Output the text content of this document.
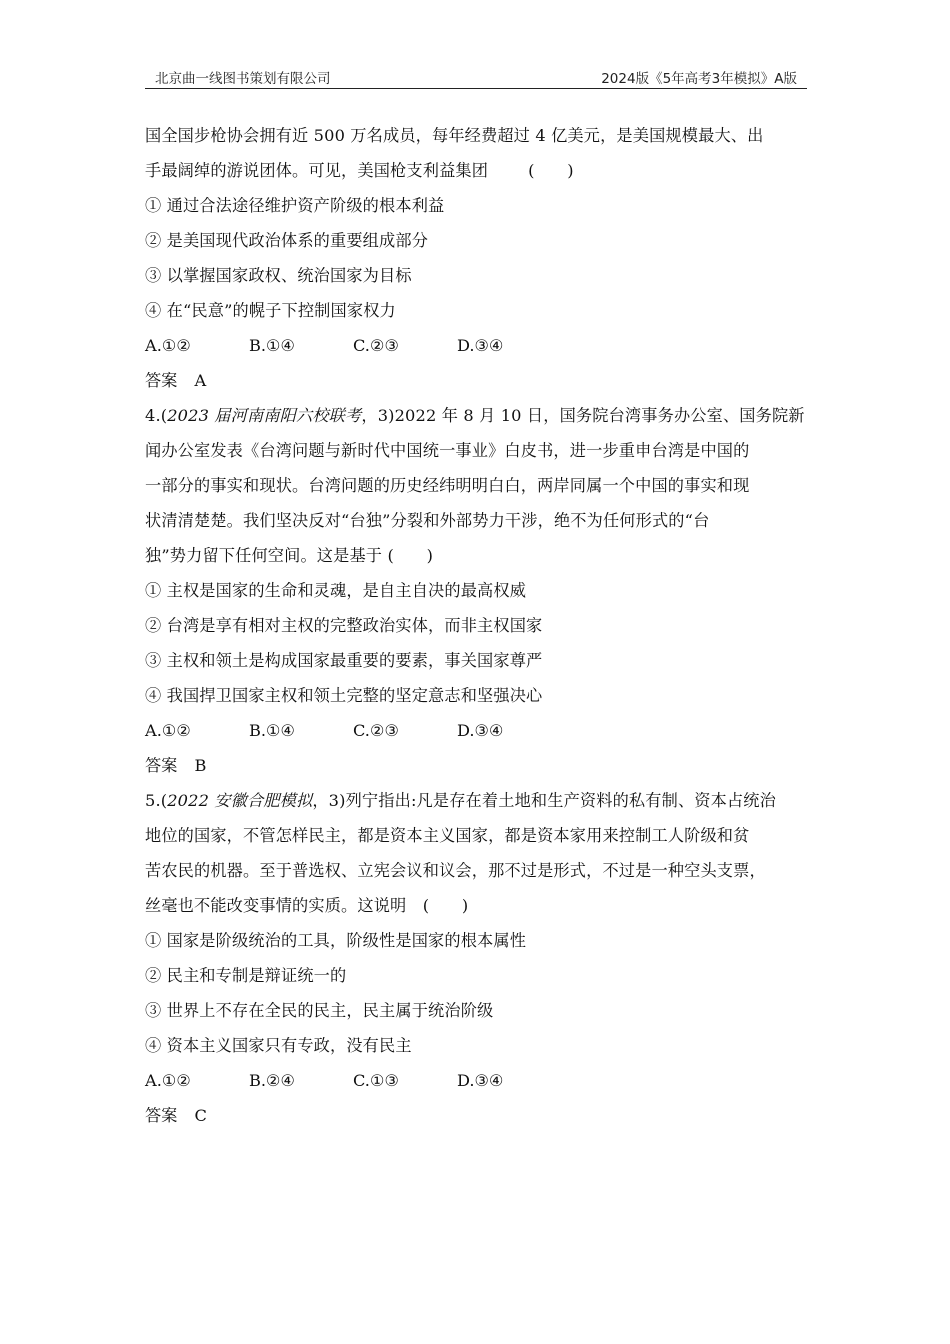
北京曲一线图书策划有限公司	2024版《5年高考3年模拟》A版
国全国步枪协会拥有近 500 万名成员，每年经费超过 4 亿美元，是美国规模最大、出
手最阔绰的游说团体。可见，美国枪支利益集团 (　　)
① 通过合法途径维护资产阶级的根本利益
② 是美国现代政治体系的重要组成部分
③ 以掌握国家政权、统治国家为目标
④ 在“民意”的幌子下控制国家权力
A.①②	B.①④	C.②③	D.③④
答案 A
4.(2023 届河南南阳六校联考，3)2022 年 8 月 10 日，国务院台湾事务办公室、国务院新
闻办公室发表《台湾问题与新时代中国统一事业》白皮书，进一步重申台湾是中国的
一部分的事实和现状。台湾问题的历史经纬明明白白，两岸同属一个中国的事实和现
状清清楚楚。我们坚决反对“台独”分裂和外部势力干涉，绝不为任何形式的“台
独”势力留下任何空间。这是基于 (　　)
① 主权是国家的生命和灵魂，是自主自决的最高权威
② 台湾是享有相对主权的完整政治实体，而非主权国家
③ 主权和领土是构成国家最重要的要素，事关国家尊严
④ 我国捍卫国家主权和领土完整的坚定意志和坚强决心
A.①②	B.①④	C.②③	D.③④
答案 B
5.(2022 安徽合肥模拟，3)列宁指出:凡是存在着土地和生产资料的私有制、资本占统治
地位的国家，不管怎样民主，都是资本主义国家，都是资本家用来控制工人阶级和贫
苦农民的机器。至于普选权、立宪会议和议会，那不过是形式，不过是一种空头支票，
丝毫也不能改变事情的实质。这说明　(　　)
① 国家是阶级统治的工具，阶级性是国家的根本属性
② 民主和专制是辩证统一的
③ 世界上不存在全民的民主，民主属于统治阶级
④ 资本主义国家只有专政，没有民主
A.①②	B.②④	C.①③	D.③④
答案 C
